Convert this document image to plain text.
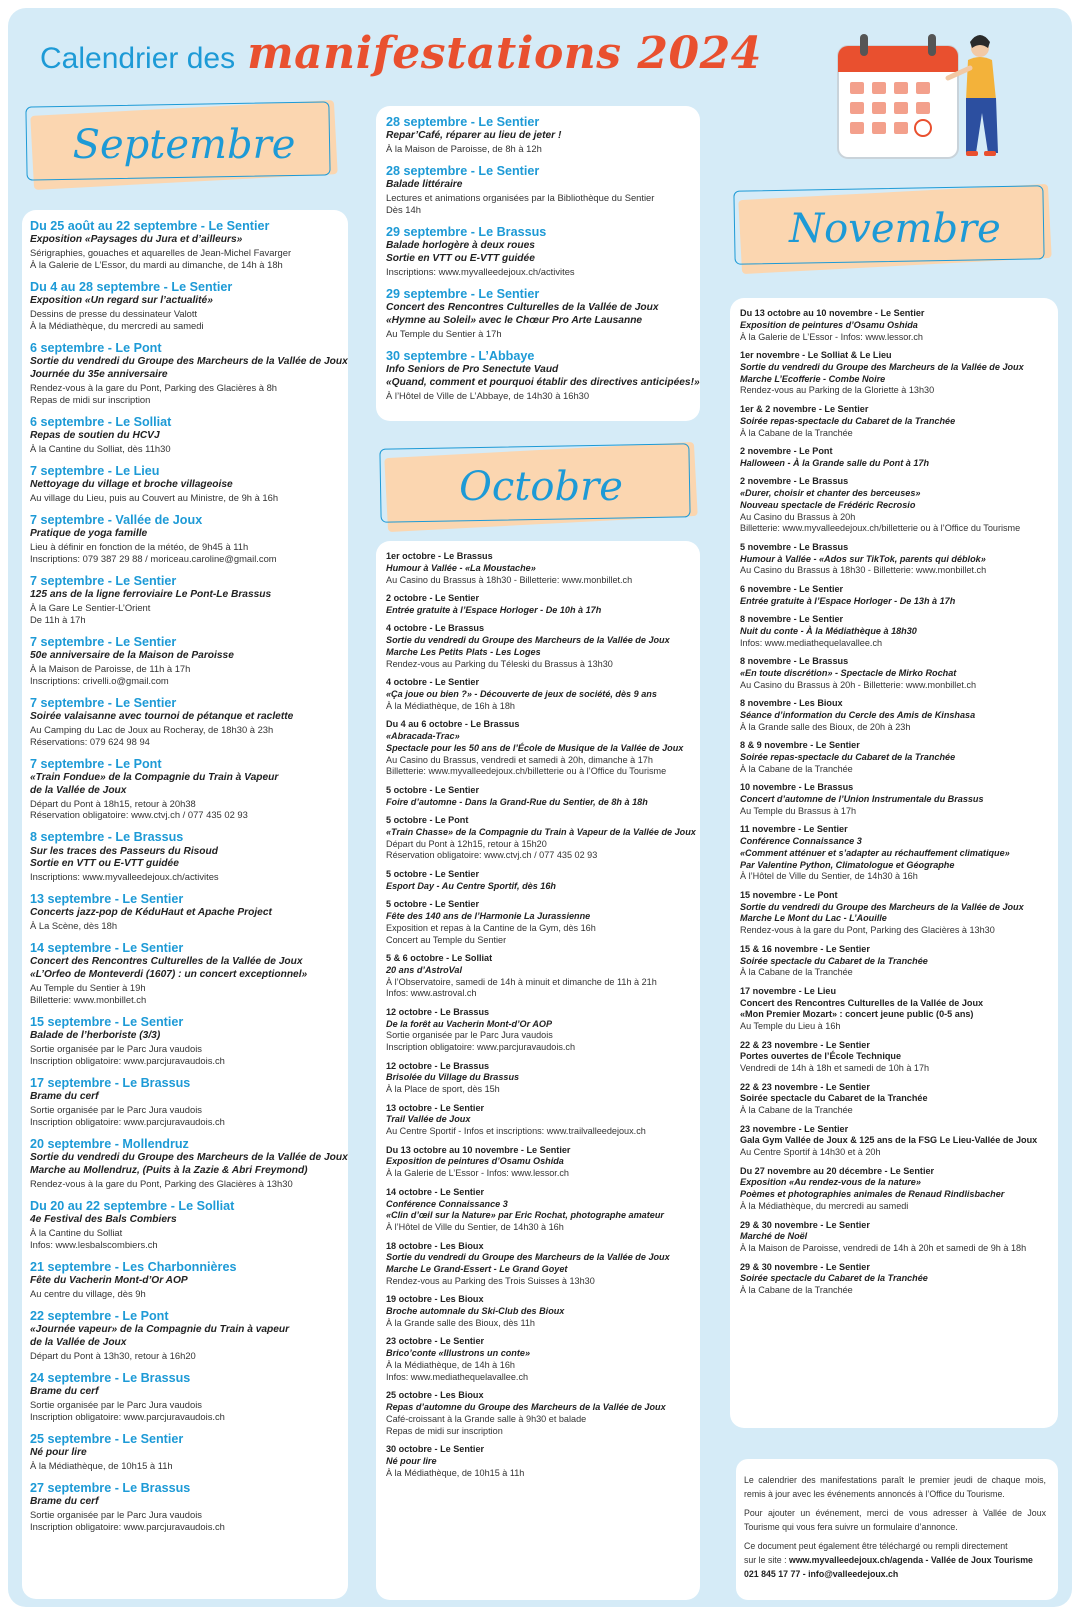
Calendrier des manifestations 2024
Septembre
Octobre
Novembre

Du 25 août au 22 septembre - Le Sentier

Exposition «Paysages du Jura et d’ailleurs»

Sérigraphies, gouaches et aquarelles de Jean-Michel Favarger

À la Galerie de L’Essor, du mardi au dimanche, de 14h à 18h

Du 4 au 28 septembre - Le Sentier

Exposition «Un regard sur l’actualité»

Dessins de presse du dessinateur Valott

À la Médiathèque, du mercredi au samedi

6 septembre - Le Pont

Sortie du vendredi du Groupe des Marcheurs de la Vallée de Joux

Journée du 35e anniversaire

Rendez-vous à la gare du Pont, Parking des Glacières à 8h

Repas de midi sur inscription

6 septembre - Le Solliat

Repas de soutien du HCVJ

À la Cantine du Solliat, dès 11h30

7 septembre - Le Lieu

Nettoyage du village et broche villageoise

Au village du Lieu, puis au Couvert au Ministre, de 9h à 16h

7 septembre - Vallée de Joux

Pratique de yoga famille

Lieu à définir en fonction de la météo, de 9h45 à 11h

Inscriptions: 079 387 29 88 / moriceau.caroline@gmail.com

7 septembre - Le Sentier

125 ans de la ligne ferroviaire Le Pont-Le Brassus

À la Gare Le Sentier-L’Orient

De 11h à 17h

7 septembre - Le Sentier

50e anniversaire de la Maison de Paroisse

À la Maison de Paroisse, de 11h à 17h

Inscriptions: crivelli.o@gmail.com

7 septembre - Le Sentier

Soirée valaisanne avec tournoi de pétanque et raclette

Au Camping du Lac de Joux au Rocheray, de 18h30 à 23h

Réservations: 079 624 98 94

7 septembre - Le Pont

«Train Fondue» de la Compagnie du Train à Vapeur

de la Vallée de Joux

Départ du Pont à 18h15, retour à 20h38

Réservation obligatoire: www.ctvj.ch / 077 435 02 93

8 septembre - Le Brassus

Sur les traces des Passeurs du Risoud

Sortie en VTT ou E-VTT guidée

Inscriptions: www.myvalleedejoux.ch/activites

13 septembre - Le Sentier

Concerts jazz-pop de KéduHaut et Apache Project

À La Scène, dès 18h

14 septembre - Le Sentier

Concert des Rencontres Culturelles de la Vallée de Joux

«L’Orfeo de Monteverdi (1607) : un concert exceptionnel»

Au Temple du Sentier à 19h

Billetterie: www.monbillet.ch

15 septembre - Le Sentier

Balade de l’herboriste (3/3)

Sortie organisée par le Parc Jura vaudois

Inscription obligatoire: www.parcjuravaudois.ch

17 septembre - Le Brassus

Brame du cerf

Sortie organisée par le Parc Jura vaudois

Inscription obligatoire: www.parcjuravaudois.ch

20 septembre - Mollendruz

Sortie du vendredi du Groupe des Marcheurs de la Vallée de Joux

Marche au Mollendruz, (Puits à la Zazie & Abri Freymond)

Rendez-vous à la gare du Pont, Parking des Glacières à 13h30

Du 20 au 22 septembre - Le Solliat

4e Festival des Bals Combiers

À la Cantine du Solliat

Infos: www.lesbalscombiers.ch

21 septembre - Les Charbonnières

Fête du Vacherin Mont-d’Or AOP

Au centre du village, dès 9h

22 septembre - Le Pont

«Journée vapeur» de la Compagnie du Train à vapeur

de la Vallée de Joux

Départ du Pont à 13h30, retour à 16h20

24 septembre - Le Brassus

Brame du cerf

Sortie organisée par le Parc Jura vaudois

Inscription obligatoire: www.parcjuravaudois.ch

25 septembre - Le Sentier

Né pour lire

À la Médiathèque, de 10h15 à 11h

27 septembre - Le Brassus

Brame du cerf

Sortie organisée par le Parc Jura vaudois

Inscription obligatoire: www.parcjuravaudois.ch

28 septembre - Le Sentier

Repar’Café, réparer au lieu de jeter !

À la Maison de Paroisse, de 8h à 12h

28 septembre - Le Sentier

Balade littéraire

Lectures et animations organisées par la Bibliothèque du Sentier

Dès 14h

29 septembre - Le Brassus

Balade horlogère à deux roues

Sortie en VTT ou E-VTT guidée

Inscriptions: www.myvalleedejoux.ch/activites

29 septembre - Le Sentier

Concert des Rencontres Culturelles de la Vallée de Joux

«Hymne au Soleil» avec le Chœur Pro Arte Lausanne

Au Temple du Sentier à 17h

30 septembre - L’Abbaye

Info Seniors de Pro Senectute Vaud

«Quand, comment et pourquoi établir des directives anticipées!»

À l’Hôtel de Ville de L’Abbaye, de 14h30 à 16h30

1er octobre - Le Brassus

Humour à Vallée - «La Moustache»

Au Casino du Brassus à 18h30 - Billetterie: www.monbillet.ch

2 octobre - Le Sentier

Entrée gratuite à l’Espace Horloger - De 10h à 17h

4 octobre - Le Brassus

Sortie du vendredi du Groupe des Marcheurs de la Vallée de Joux

Marche Les Petits Plats - Les Loges

Rendez-vous au Parking du Téleski du Brassus à 13h30

4 octobre - Le Sentier

«Ça joue ou bien ?» - Découverte de jeux de société, dès 9 ans

À la Médiathèque, de 16h à 18h

Du 4 au 6 octobre - Le Brassus

«Abracada-Trac»

Spectacle pour les 50 ans de l’École de Musique de la Vallée de Joux

Au Casino du Brassus, vendredi et samedi à 20h, dimanche à 17h

Billetterie: www.myvalleedejoux.ch/billetterie ou à l’Office du Tourisme

5 octobre - Le Sentier

Foire d’automne - Dans la Grand-Rue du Sentier, de 8h à 18h

5 octobre - Le Pont

«Train Chasse» de la Compagnie du Train à Vapeur de la Vallée de Joux

Départ du Pont à 12h15, retour à 15h20

Réservation obligatoire: www.ctvj.ch / 077 435 02 93

5 octobre - Le Sentier

Esport Day - Au Centre Sportif, dès 16h

5 octobre - Le Sentier

Fête des 140 ans de l’Harmonie La Jurassienne

Exposition et repas à la Cantine de la Gym, dès 16h

Concert au Temple du Sentier

5 & 6 octobre - Le Solliat

20 ans d’AstroVal

À l’Observatoire, samedi de 14h à minuit et dimanche de 11h à 21h

Infos: www.astroval.ch

12 octobre - Le Brassus

De la forêt au Vacherin Mont-d’Or AOP

Sortie organisée par le Parc Jura vaudois

Inscription obligatoire: www.parcjuravaudois.ch

12 octobre - Le Brassus

Brisolée du Village du Brassus

À la Place de sport, dès 15h

13 octobre - Le Sentier

Trail Vallée de Joux

Au Centre Sportif - Infos et inscriptions: www.trailvalleedejoux.ch

Du 13 octobre au 10 novembre - Le Sentier

Exposition de peintures d’Osamu Oshida

À la Galerie de L’Essor - Infos: www.lessor.ch

14 octobre - Le Sentier

Conférence Connaissance 3

«Clin d’œil sur la Nature» par Eric Rochat, photographe amateur

À l’Hôtel de Ville du Sentier, de 14h30 à 16h

18 octobre - Les Bioux

Sortie du vendredi du Groupe des Marcheurs de la Vallée de Joux

Marche Le Grand-Essert - Le Grand Goyet

Rendez-vous au Parking des Trois Suisses à 13h30

19 octobre - Les Bioux

Broche automnale du Ski-Club des Bioux

À la Grande salle des Bioux, dès 11h

23 octobre - Le Sentier

Brico’conte «Illustrons un conte»

À la Médiathèque, de 14h à 16h

Infos: www.mediathequelavallee.ch

25 octobre - Les Bioux

Repas d’automne du Groupe des Marcheurs de la Vallée de Joux

Café-croissant à la Grande salle à 9h30 et balade

Repas de midi sur inscription

30 octobre - Le Sentier

Né pour lire

À la Médiathèque, de 10h15 à 11h

Du 13 octobre au 10 novembre - Le Sentier

Exposition de peintures d’Osamu Oshida

À la Galerie de L’Essor - Infos: www.lessor.ch

1er novembre - Le Solliat & Le Lieu

Sortie du vendredi du Groupe des Marcheurs de la Vallée de Joux

Marche L’Ecofferie - Combe Noire

Rendez-vous au Parking de la Gloriette à 13h30

1er & 2 novembre - Le Sentier

Soirée repas-spectacle du Cabaret de la Tranchée

À la Cabane de la Tranchée

2 novembre - Le Pont

Halloween - À la Grande salle du Pont à 17h

2 novembre - Le Brassus

«Durer, choisir et chanter des berceuses»

Nouveau spectacle de Frédéric Recrosio

Au Casino du Brassus à 20h

Billetterie: www.myvalleedejoux.ch/billetterie ou à l’Office du Tourisme

5 novembre - Le Brassus

Humour à Vallée - «Ados sur TikTok, parents qui déblok»

Au Casino du Brassus à 18h30 - Billetterie: www.monbillet.ch

6 novembre - Le Sentier

Entrée gratuite à l’Espace Horloger - De 13h à 17h

8 novembre - Le Sentier

Nuit du conte - À la Médiathèque à 18h30

Infos: www.mediathequelavallee.ch

8 novembre - Le Brassus

«En toute discrétion» - Spectacle de Mirko Rochat

Au Casino du Brassus à 20h - Billetterie: www.monbillet.ch

8 novembre - Les Bioux

Séance d’information du Cercle des Amis de Kinshasa

À la Grande salle des Bioux, de 20h à 23h

8 & 9 novembre - Le Sentier

Soirée repas-spectacle du Cabaret de la Tranchée

À la Cabane de la Tranchée

10 novembre - Le Brassus

Concert d’automne de l’Union Instrumentale du Brassus

Au Temple du Brassus à 17h

11 novembre - Le Sentier

Conférence Connaissance 3

«Comment atténuer et s’adapter au réchauffement climatique»

Par Valentine Python, Climatologue et Géographe

À l’Hôtel de Ville du Sentier, de 14h30 à 16h

15 novembre - Le Pont

Sortie du vendredi du Groupe des Marcheurs de la Vallée de Joux

Marche Le Mont du Lac - L’Aouille

Rendez-vous à la gare du Pont, Parking des Glacières à 13h30

15 & 16 novembre - Le Sentier

Soirée spectacle du Cabaret de la Tranchée

À la Cabane de la Tranchée

17 novembre - Le Lieu

Concert des Rencontres Culturelles de la Vallée de Joux

«Mon Premier Mozart» : concert jeune public (0-5 ans)

Au Temple du Lieu à 16h

22 & 23 novembre - Le Sentier

Portes ouvertes de l’École Technique

Vendredi de 14h à 18h et samedi de 10h à 17h

22 & 23 novembre - Le Sentier

Soirée spectacle du Cabaret de la Tranchée

À la Cabane de la Tranchée

23 novembre - Le Sentier

Gala Gym Vallée de Joux & 125 ans de la FSG Le Lieu-Vallée de Joux

Au Centre Sportif à 14h30 et à 20h

Du 27 novembre au 20 décembre - Le Sentier

Exposition «Au rendez-vous de la nature»

Poèmes et photographies animales de Renaud Rindlisbacher

À la Médiathèque, du mercredi au samedi

29 & 30 novembre - Le Sentier

Marché de Noël

À la Maison de Paroisse, vendredi de 14h à 20h et samedi de 9h à 18h

29 & 30 novembre - Le Sentier

Soirée spectacle du Cabaret de la Tranchée

À la Cabane de la Tranchée

Le calendrier des manifestations paraît le premier jeudi de chaque mois, remis à jour avec les événements annoncés à l’Office du Tourisme.

Pour ajouter un événement, merci de vous adresser à Vallée de Joux Tourisme qui vous fera suivre un formulaire d’annonce.

Ce document peut également être téléchargé ou rempli directement
sur le site : www.myvalleedejoux.ch/agenda - Vallée de Joux Tourisme
021 845 17 77 - info@valleedejoux.ch
